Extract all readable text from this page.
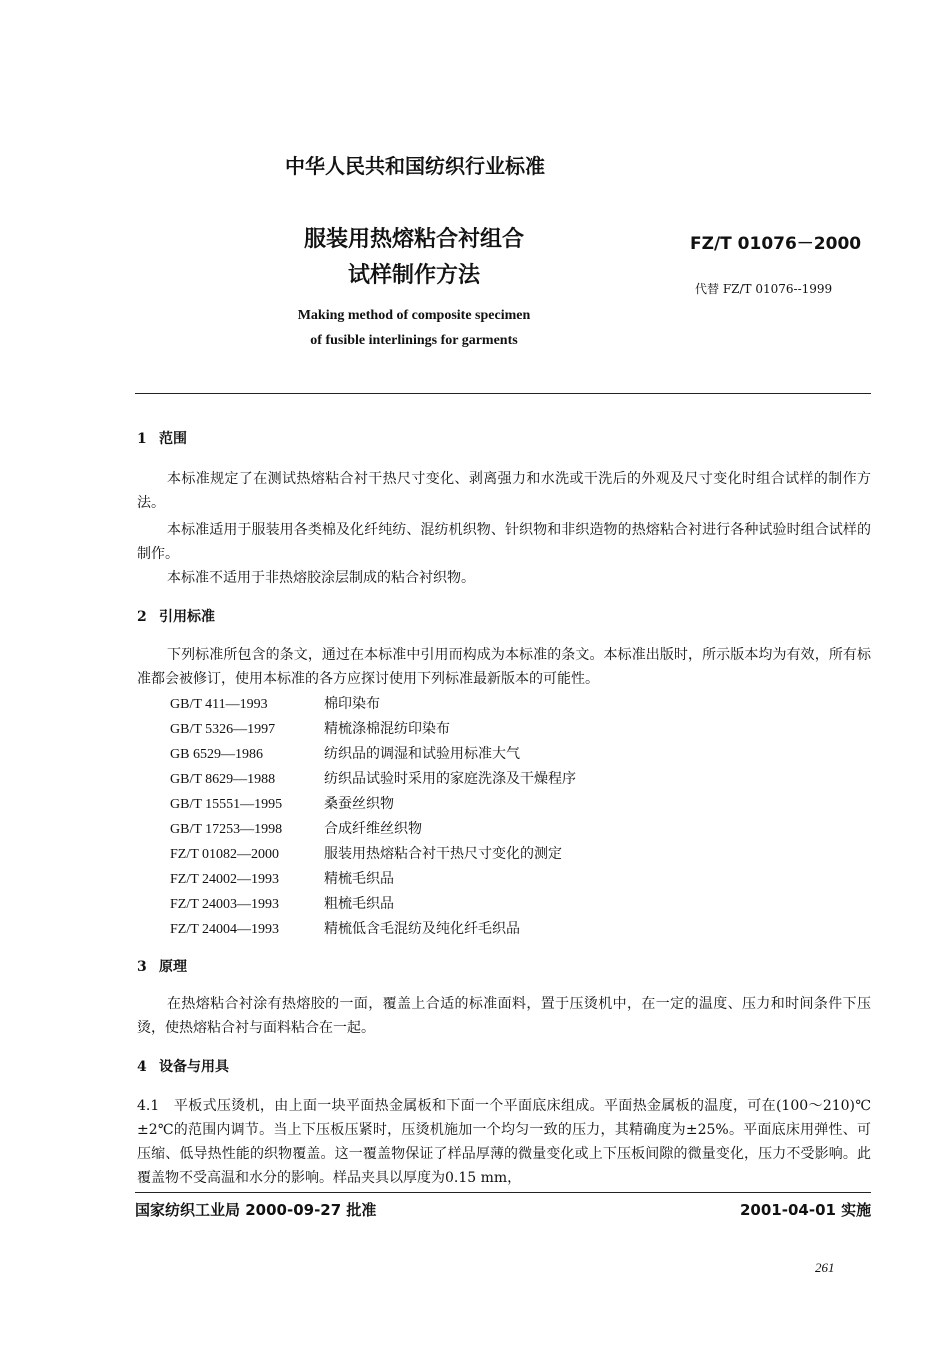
中华人民共和国纺织行业标准
服装用热熔粘合衬组合
试样制作方法
FZ/T 01076－2000
代替 FZ/T 01076--1999
Making method of composite specimen
of fusible interlinings for garments
1 范围
本标准规定了在测试热熔粘合衬干热尺寸变化、剥离强力和水洗或干洗后的外观及尺寸变化时组合试样的制作方法。
本标准适用于服装用各类棉及化纤纯纺、混纺机织物、针织物和非织造物的热熔粘合衬进行各种试验时组合试样的制作。
本标准不适用于非热熔胶涂层制成的粘合衬织物。
2 引用标准
下列标准所包含的条文，通过在本标准中引用而构成为本标准的条文。本标准出版时，所示版本均为有效，所有标准都会被修订，使用本标准的各方应探讨使用下列标准最新版本的可能性。
GB/T 411—1993	棉印染布
GB/T 5326—1997	精梳涤棉混纺印染布
GB 6529—1986	纺织品的调湿和试验用标准大气
GB/T 8629—1988	纺织品试验时采用的家庭洗涤及干燥程序
GB/T 15551—1995	桑蚕丝织物
GB/T 17253—1998	合成纤维丝织物
FZ/T 01082—2000	服装用热熔粘合衬干热尺寸变化的测定
FZ/T 24002—1993	精梳毛织品
FZ/T 24003—1993	粗梳毛织品
FZ/T 24004—1993	精梳低含毛混纺及纯化纤毛织品
3 原理
在热熔粘合衬涂有热熔胶的一面，覆盖上合适的标准面料，置于压烫机中，在一定的温度、压力和时间条件下压烫，使热熔粘合衬与面料粘合在一起。
4 设备与用具
4.1　平板式压烫机，由上面一块平面热金属板和下面一个平面底床组成。平面热金属板的温度，可在(100～210)℃±2℃的范围内调节。当上下压板压紧时，压烫机施加一个均匀一致的压力，其精确度为±25%。平面底床用弹性、可压缩、低导热性能的织物覆盖。这一覆盖物保证了样品厚薄的微量变化或上下压板间隙的微量变化，压力不受影响。此覆盖物不受高温和水分的影响。样品夹具以厚度为0.15 mm，
国家纺织工业局 2000-09-27 批准	2001-04-01 实施
261
